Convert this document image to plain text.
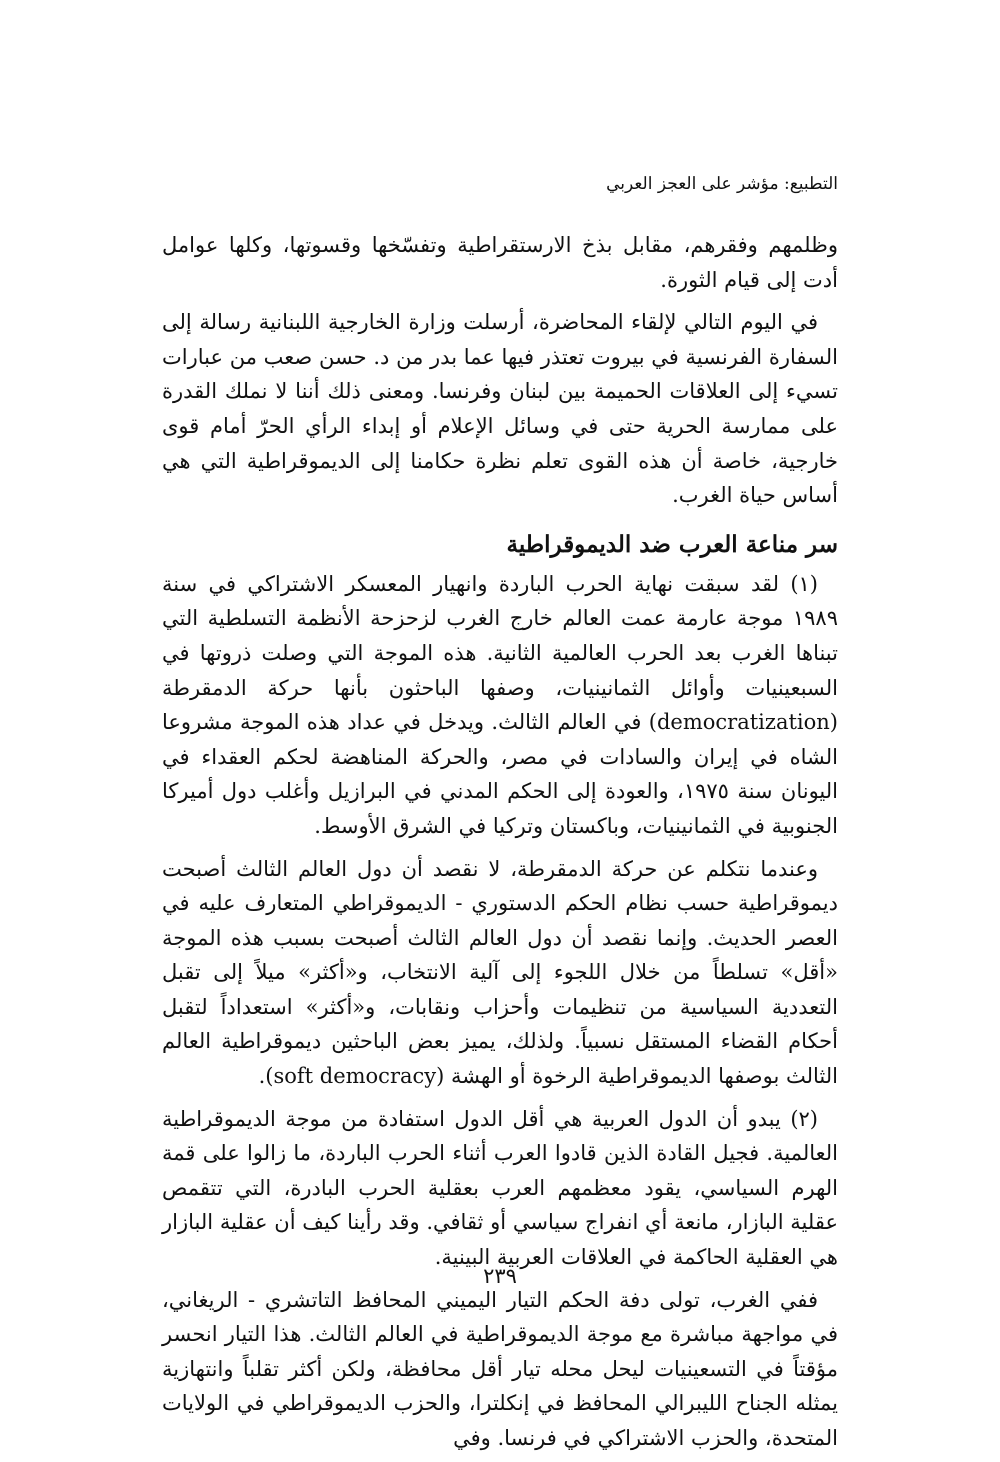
التطبيع: مؤشر على العجز العربي

وظلمهم وفقرهم، مقابل بذخ الارستقراطية وتفسّخها وقسوتها، وكلها عوامل أدت إلى قيام الثورة.

في اليوم التالي لإلقاء المحاضرة، أرسلت وزارة الخارجية اللبنانية رسالة إلى السفارة الفرنسية في بيروت تعتذر فيها عما بدر من د. حسن صعب من عبارات تسيء إلى العلاقات الحميمة بين لبنان وفرنسا. ومعنى ذلك أننا لا نملك القدرة على ممارسة الحرية حتى في وسائل الإعلام أو إبداء الرأي الحرّ أمام قوى خارجية، خاصة أن هذه القوى تعلم نظرة حكامنا إلى الديموقراطية التي هي أساس حياة الغرب.

سر مناعة العرب ضد الديموقراطية

(١) لقد سبقت نهاية الحرب الباردة وانهيار المعسكر الاشتراكي في سنة ١٩٨٩ موجة عارمة عمت العالم خارج الغرب لزحزحة الأنظمة التسلطية التي تبناها الغرب بعد الحرب العالمية الثانية. هذه الموجة التي وصلت ذروتها في السبعينيات وأوائل الثمانينيات، وصفها الباحثون بأنها حركة الدمقرطة (democratization) في العالم الثالث. ويدخل في عداد هذه الموجة مشروعا الشاه في إيران والسادات في مصر، والحركة المناهضة لحكم العقداء في اليونان سنة ١٩٧٥، والعودة إلى الحكم المدني في البرازيل وأغلب دول أميركا الجنوبية في الثمانينيات، وباكستان وتركيا في الشرق الأوسط.

وعندما نتكلم عن حركة الدمقرطة، لا نقصد أن دول العالم الثالث أصبحت ديموقراطية حسب نظام الحكم الدستوري - الديموقراطي المتعارف عليه في العصر الحديث. وإنما نقصد أن دول العالم الثالث أصبحت بسبب هذه الموجة «أقل» تسلطاً من خلال اللجوء إلى آلية الانتخاب، و«أكثر» ميلاً إلى تقبل التعددية السياسية من تنظيمات وأحزاب ونقابات، و«أكثر» استعداداً لتقبل أحكام القضاء المستقل نسبياً. ولذلك، يميز بعض الباحثين ديموقراطية العالم الثالث بوصفها الديموقراطية الرخوة أو الهشة (soft democracy).

(٢) يبدو أن الدول العربية هي أقل الدول استفادة من موجة الديموقراطية العالمية. فجيل القادة الذين قادوا العرب أثناء الحرب الباردة، ما زالوا على قمة الهرم السياسي، يقود معظمهم العرب بعقلية الحرب البادرة، التي تتقمص عقلية البازار، مانعة أي انفراج سياسي أو ثقافي. وقد رأينا كيف أن عقلية البازار هي العقلية الحاكمة في العلاقات العربية البينية.

ففي الغرب، تولى دفة الحكم التيار اليميني المحافظ التاتشري - الريغاني، في مواجهة مباشرة مع موجة الديموقراطية في العالم الثالث. هذا التيار انحسر مؤقتاً في التسعينيات ليحل محله تيار أقل محافظة، ولكن أكثر تقلباً وانتهازية يمثله الجناح الليبرالي المحافظ في إنكلترا، والحزب الديموقراطي في الولايات المتحدة، والحزب الاشتراكي في فرنسا. وفي

٢٣٩
